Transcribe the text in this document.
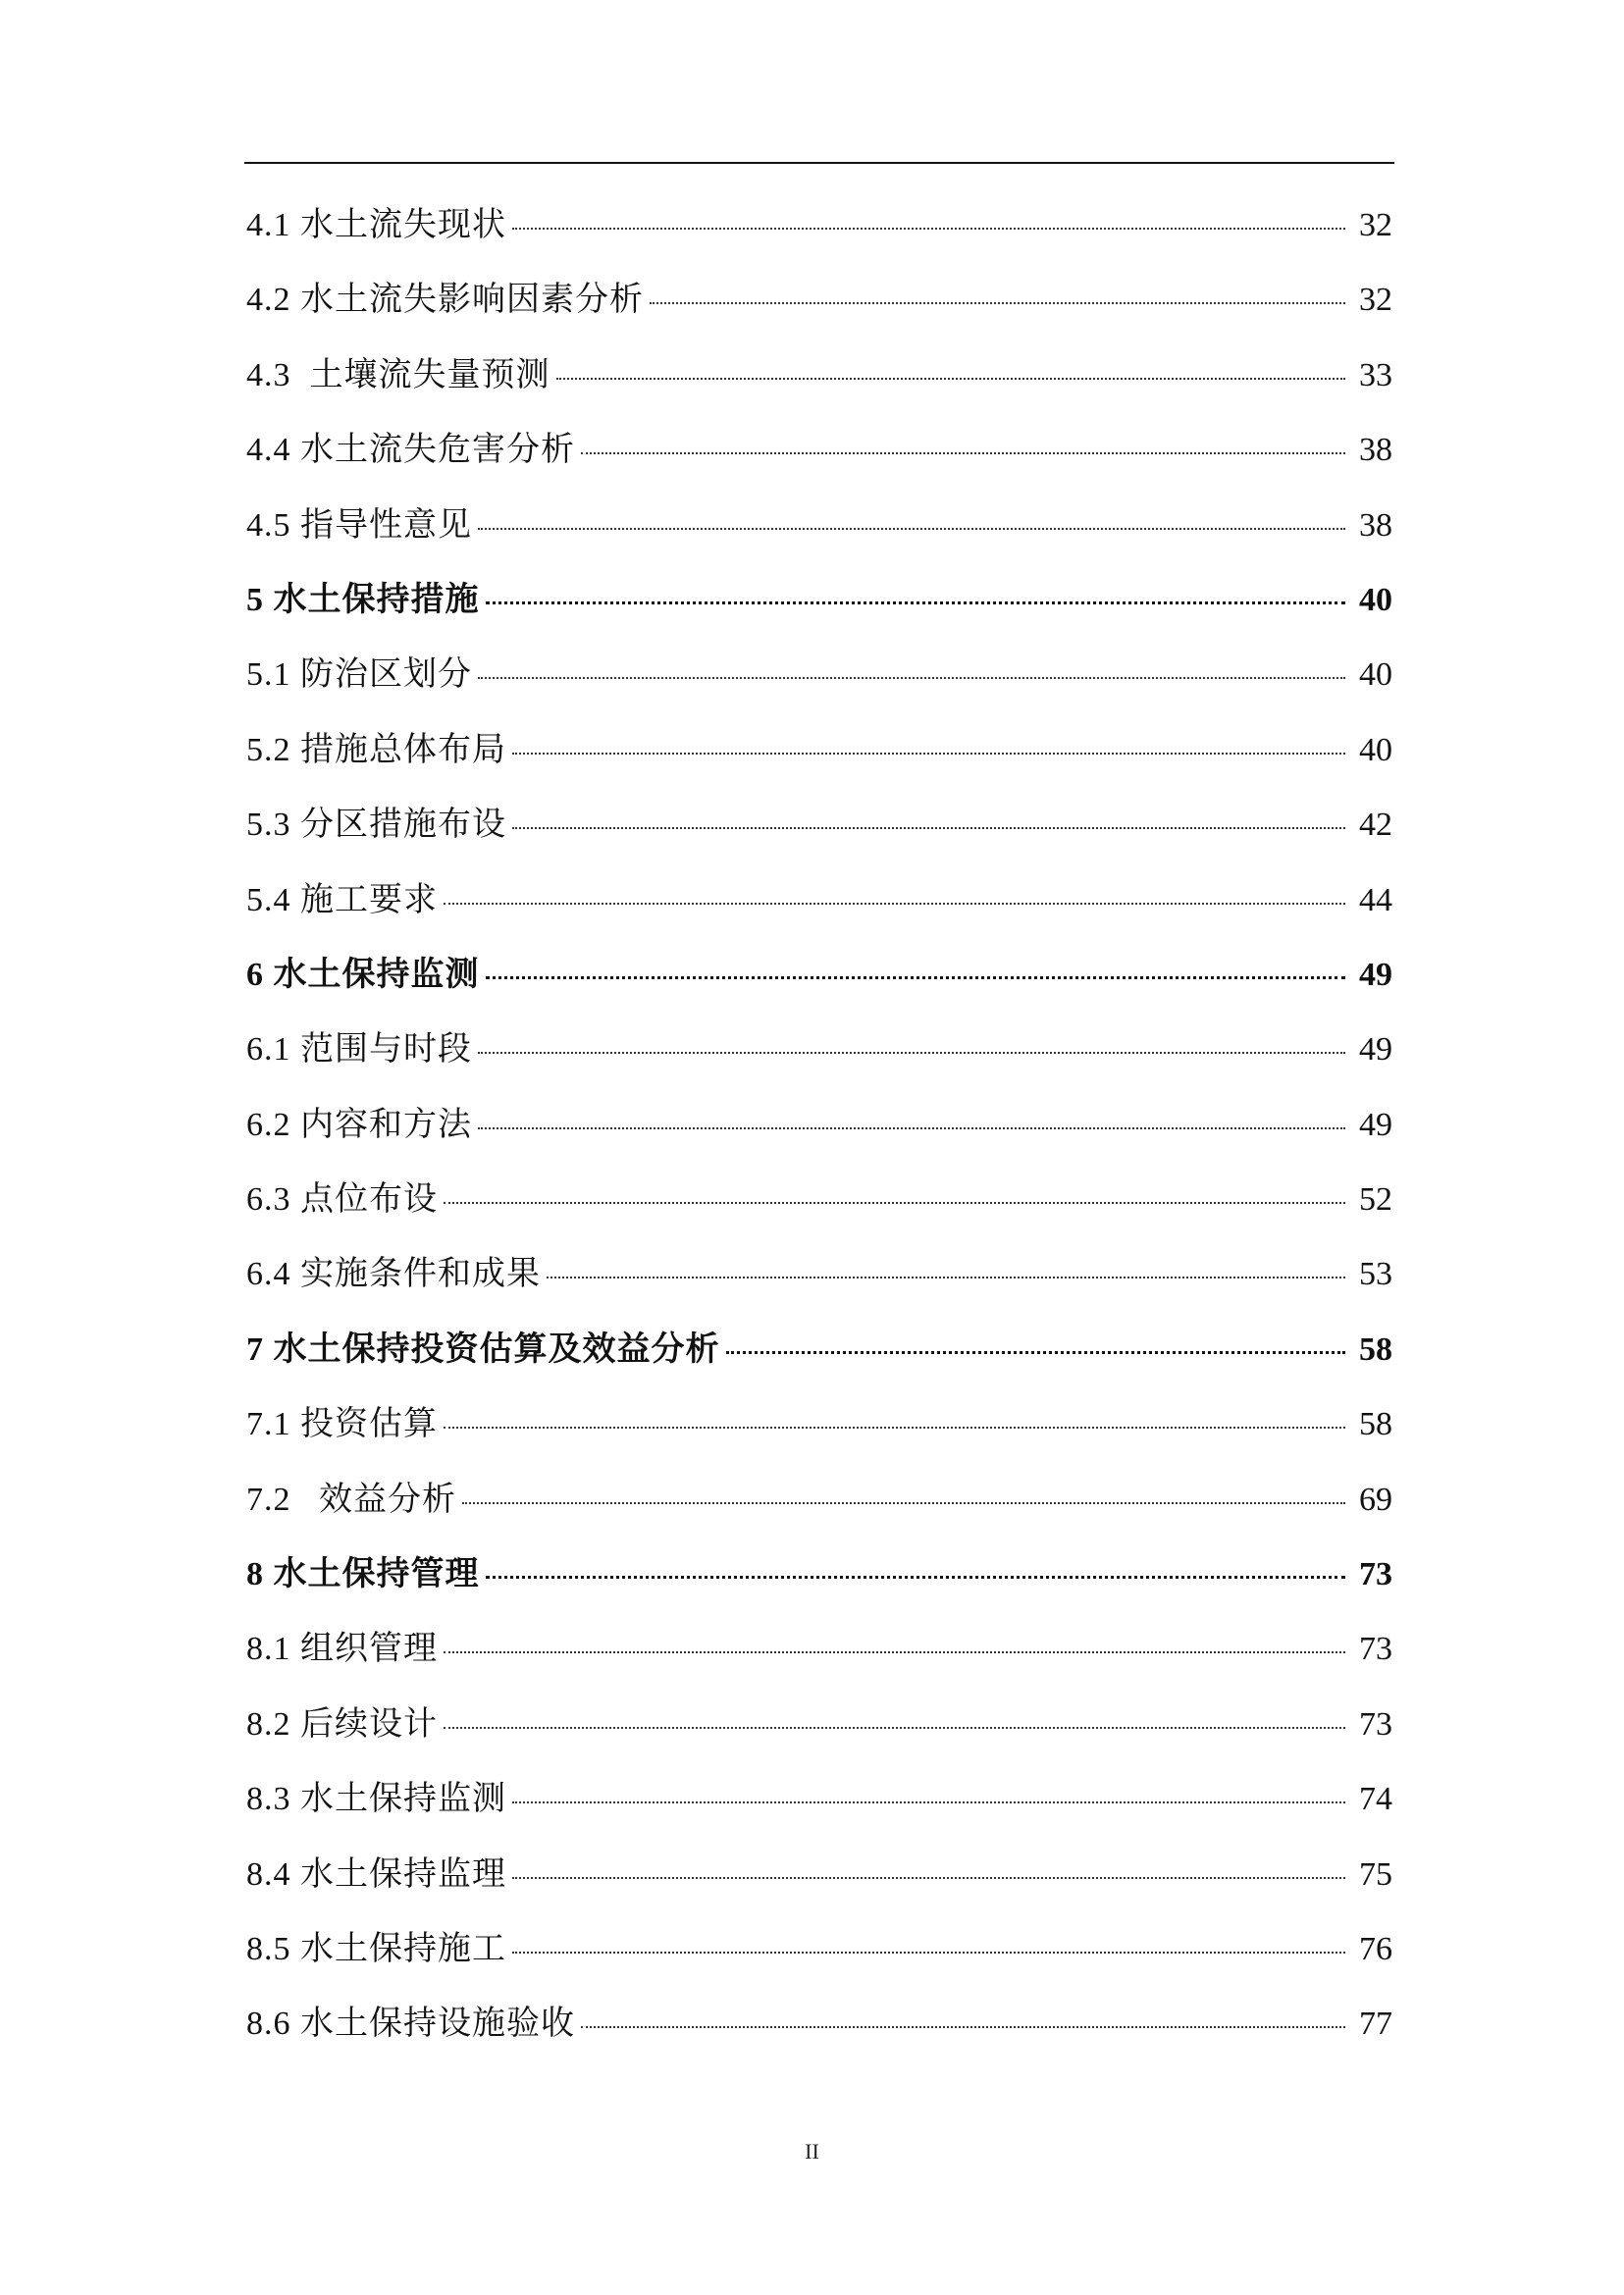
4.1 水土流失现状	32
4.2 水土流失影响因素分析	32
4.3  土壤流失量预测	33
4.4 水土流失危害分析	38
4.5 指导性意见	38
5 水土保持措施	40
5.1 防治区划分	40
5.2 措施总体布局	40
5.3 分区措施布设	42
5.4 施工要求	44
6 水土保持监测	49
6.1 范围与时段	49
6.2 内容和方法	49
6.3 点位布设	52
6.4 实施条件和成果	53
7 水土保持投资估算及效益分析	58
7.1 投资估算	58
7.2   效益分析	69
8 水土保持管理	73
8.1 组织管理	73
8.2 后续设计	73
8.3 水土保持监测	74
8.4 水土保持监理	75
8.5 水土保持施工	76
8.6 水土保持设施验收	77
II
